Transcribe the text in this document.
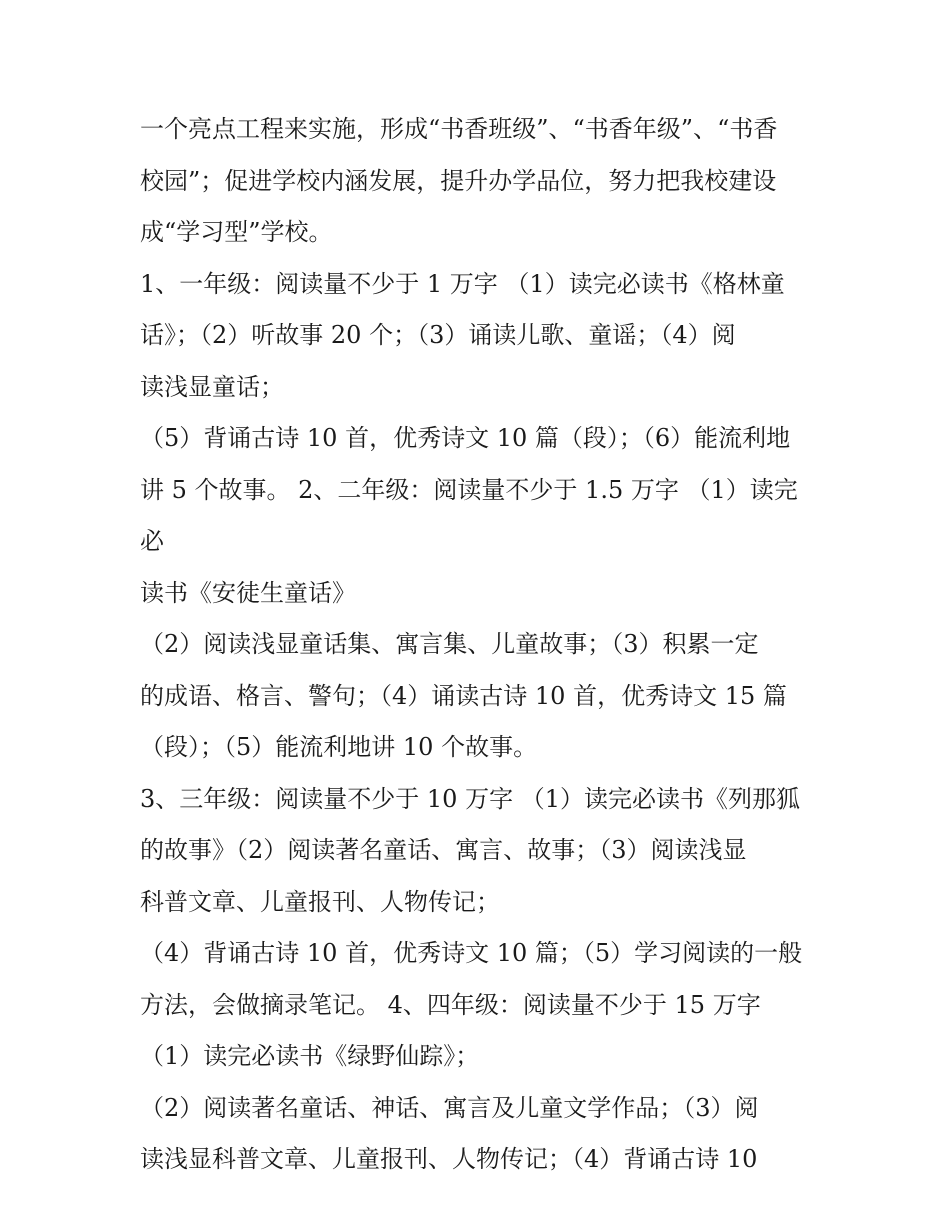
一个亮点工程来实施，形成“书香班级”、“书香年级”、“书香
校园”；促进学校内涵发展，提升办学品位，努力把我校建设
成“学习型”学校。

1、一年级：阅读量不少于 1 万字 （1）读完必读书《格林童
话》；（2）听故事 20 个；（3）诵读儿歌、童谣；（4）阅
读浅显童话；

（5）背诵古诗 10 首，优秀诗文 10 篇（段）；（6）能流利地
讲 5 个故事。 2、二年级：阅读量不少于 1.5 万字 （1）读完必
读书《安徒生童话》

（2）阅读浅显童话集、寓言集、儿童故事；（3）积累一定
的成语、格言、警句；（4）诵读古诗 10 首，优秀诗文 15 篇
（段）；（5）能流利地讲 10 个故事。

3、三年级：阅读量不少于 10 万字 （1）读完必读书《列那狐
的故事》（2）阅读著名童话、寓言、故事；（3）阅读浅显
科普文章、儿童报刊、人物传记；

（4）背诵古诗 10 首，优秀诗文 10 篇；（5）学习阅读的一般
方法，会做摘录笔记。 4、四年级：阅读量不少于 15 万字

（1）读完必读书《绿野仙踪》；

（2）阅读著名童话、神话、寓言及儿童文学作品；（3）阅
读浅显科普文章、儿童报刊、人物传记；（4）背诵古诗 10
